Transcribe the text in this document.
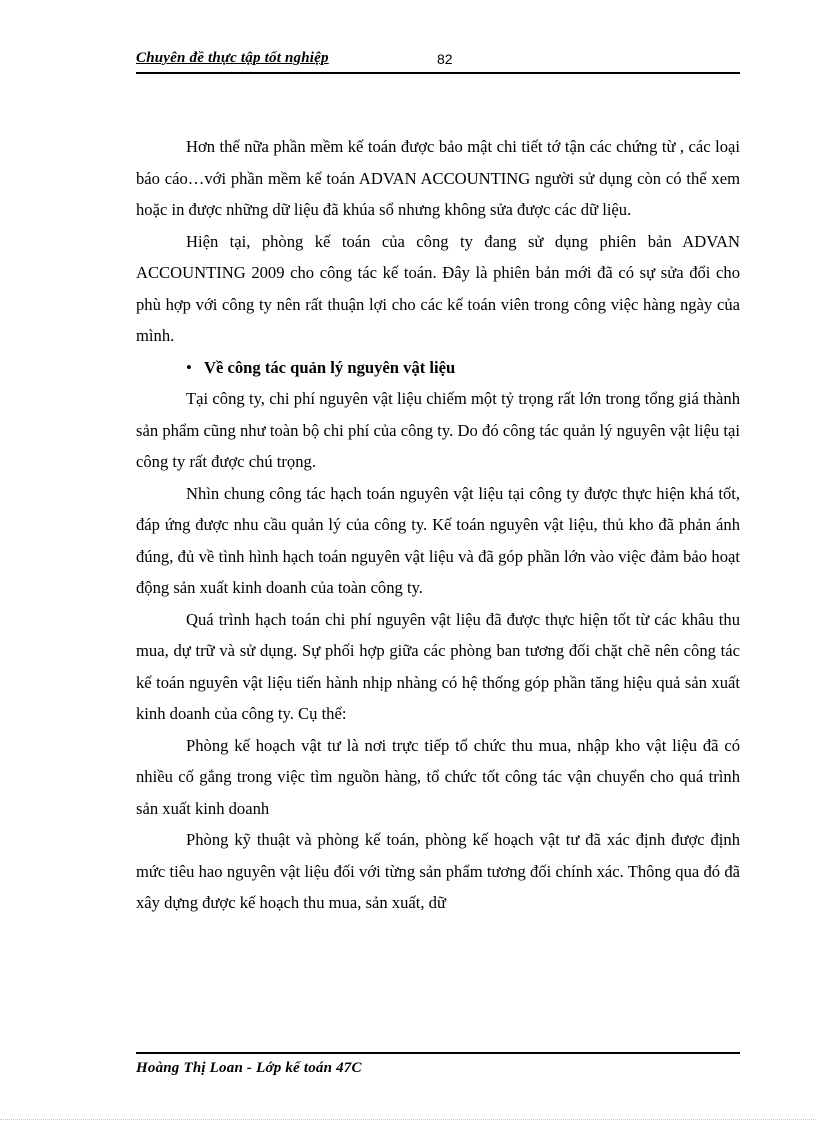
Chuyên đề thực tập tốt nghiệp	82

Hơn thế nữa phần mềm kế toán được bảo mật chi tiết tớ tận các chứng từ , các loại báo cáo…với phần mềm kế toán ADVAN ACCOUNTING người sử dụng còn có thể xem hoặc in được những dữ liệu đã khúa sổ nhưng không sửa được các dữ liệu.

Hiện tại, phòng kế toán của công ty đang sử dụng phiên bản ADVAN ACCOUNTING 2009 cho công tác kế toán. Đây là phiên bản mới đã có sự sửa đổi cho phù hợp với công ty nên rất thuận lợi cho các kế toán viên trong công việc hàng ngày của mình.

• Về công tác quản lý nguyên vật liệu

Tại công ty, chi phí nguyên vật liệu chiếm một tỷ trọng rất lớn trong tổng giá thành sản phẩm cũng như toàn bộ chi phí của công ty. Do đó công tác quản lý nguyên vật liệu tại công ty rất được chú trọng.

Nhìn chung công tác hạch toán nguyên vật liệu tại công ty được thực hiện khá tốt, đáp ứng được nhu cầu quản lý của công ty. Kế toán nguyên vật liệu, thủ kho đã phản ánh đúng, đủ về tình hình hạch toán nguyên vật liệu và đã góp phần lớn vào việc đảm bảo hoạt động sản xuất kinh doanh của toàn công ty.

Quá trình hạch toán chi phí nguyên vật liệu đã được thực hiện tốt từ các khâu thu mua, dự trữ và sử dụng. Sự phối hợp giữa các phòng ban tương đối chặt chẽ nên công tác kế toán nguyên vật liệu tiến hành nhịp nhàng có hệ thống góp phần tăng hiệu quả sản xuất kinh doanh của công ty. Cụ thể:

Phòng kế hoạch vật tư là nơi trực tiếp tổ chức thu mua, nhập kho vật liệu đã có nhiều cố gắng trong việc tìm nguồn hàng, tổ chức tốt công tác vận chuyển cho quá trình sản xuất kinh doanh

Phòng kỹ thuật và phòng kế toán, phòng kế hoạch vật tư đã xác định được định mức tiêu hao nguyên vật liệu đối với từng sản phẩm tương đối chính xác. Thông qua đó đã xây dựng được kế hoạch thu mua, sản xuất, dữ

Hoàng Thị Loan - Lớp kế toán 47C
